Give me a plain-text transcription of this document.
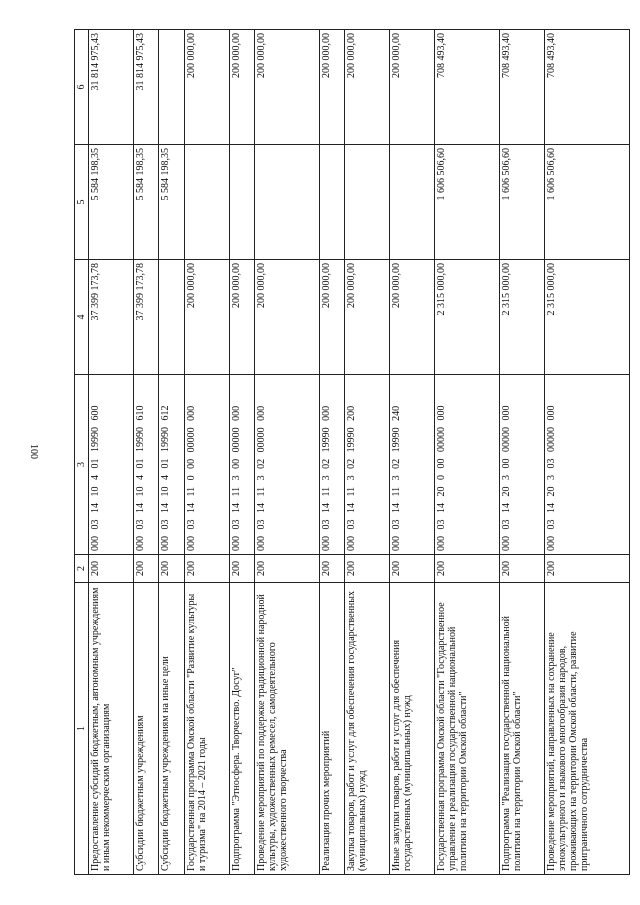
100
1	2	3	4	5	6
Предоставление субсидий бюджетным, автономным учреждениям и иным некоммерческим организациям	200	000 03 14 10 4 01 19990 600	37 399 173,78	5 584 198,35	31 814 975,43
Субсидии бюджетным учреждениям	200	000 03 14 10 4 01 19990 610	37 399 173,78	5 584 198,35	31 814 975,43
Субсидии бюджетным учреждениям на иные цели	200	000 03 14 10 4 01 19990 612		5 584 198,35	
Государственная программа Омской области "Развитие культуры и туризма" на 2014 – 2021 годы	200	000 03 14 11 0 00 00000 000	200 000,00		200 000,00
Подпрограмма "Этносфера. Творчество. Досуг"	200	000 03 14 11 3 00 00000 000	200 000,00		200 000,00
Проведение мероприятий по поддержке традиционной народной культуры, художественных ремесел, самодеятельного художественного творчества	200	000 03 14 11 3 02 00000 000	200 000,00		200 000,00
Реализация прочих мероприятий	200	000 03 14 11 3 02 19990 000	200 000,00		200 000,00
Закупка товаров, работ и услуг для обеспечения государственных (муниципальных) нужд	200	000 03 14 11 3 02 19990 200	200 000,00		200 000,00
Иные закупки товаров, работ и услуг для обеспечения государственных (муниципальных) нужд	200	000 03 14 11 3 02 19990 240	200 000,00		200 000,00
Государственная программа Омской области "Государственное управление и реализация государственной национальной политики на территории Омской области"	200	000 03 14 20 0 00 00000 000	2 315 000,00	1 606 506,60	708 493,40
Подпрограмма "Реализация государственной национальной политики на территории Омской области"	200	000 03 14 20 3 00 00000 000	2 315 000,00	1 606 506,60	708 493,40
Проведение мероприятий, направленных на сохранение этнокультурного и языкового многообразия народов, проживающих на территории Омской области, развитие приграничного сотрудничества	200	000 03 14 20 3 03 00000 000	2 315 000,00	1 606 506,60	708 493,40
